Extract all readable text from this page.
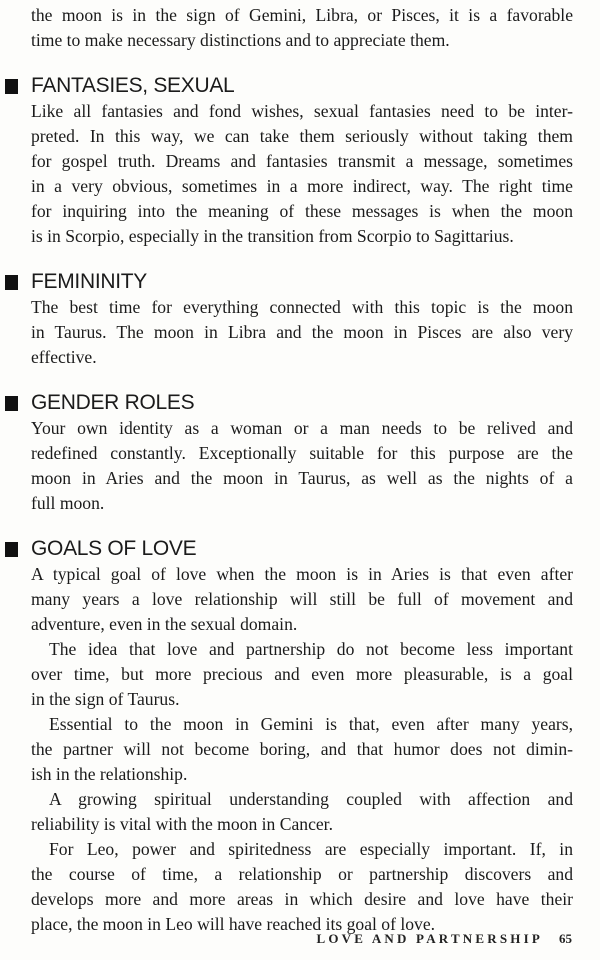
the moon is in the sign of Gemini, Libra, or Pisces, it is a favorable
time to make necessary distinctions and to appreciate them.
FANTASIES, SEXUAL
Like all fantasies and fond wishes, sexual fantasies need to be inter-
preted. In this way, we can take them seriously without taking them
for gospel truth. Dreams and fantasies transmit a message, sometimes
in a very obvious, sometimes in a more indirect, way. The right time
for inquiring into the meaning of these messages is when the moon
is in Scorpio, especially in the transition from Scorpio to Sagittarius.
FEMININITY
The best time for everything connected with this topic is the moon
in Taurus. The moon in Libra and the moon in Pisces are also very
effective.
GENDER ROLES
Your own identity as a woman or a man needs to be relived and
redefined constantly. Exceptionally suitable for this purpose are the
moon in Aries and the moon in Taurus, as well as the nights of a
full moon.
GOALS OF LOVE
A typical goal of love when the moon is in Aries is that even after
many years a love relationship will still be full of movement and
adventure, even in the sexual domain.
The idea that love and partnership do not become less important
over time, but more precious and even more pleasurable, is a goal
in the sign of Taurus.
Essential to the moon in Gemini is that, even after many years,
the partner will not become boring, and that humor does not dimin-
ish in the relationship.
A growing spiritual understanding coupled with affection and
reliability is vital with the moon in Cancer.
For Leo, power and spiritedness are especially important. If, in
the course of time, a relationship or partnership discovers and
develops more and more areas in which desire and love have their
place, the moon in Leo will have reached its goal of love.
LOVE AND PARTNERSHIP 65
